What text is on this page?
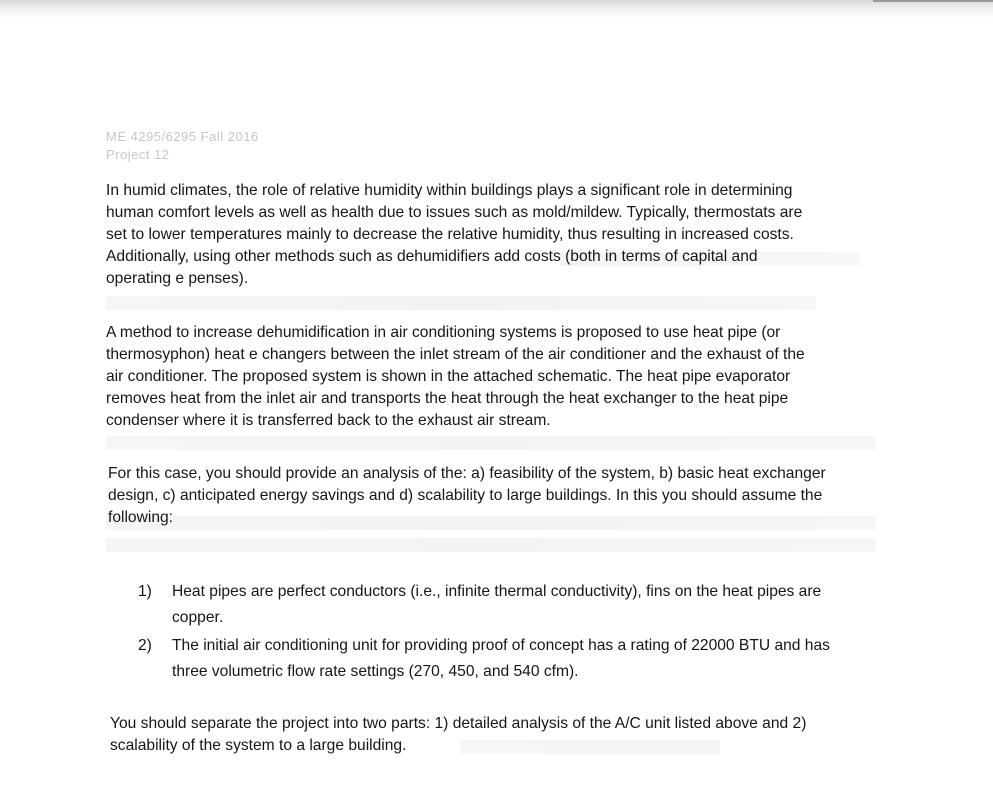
ME 4295/6295 Fall 2016
Project 12
In humid climates, the role of relative humidity within buildings plays a significant role in determining
human comfort levels as well as health due to issues such as mold/mildew. Typically, thermostats are
set to lower temperatures mainly to decrease the relative humidity, thus resulting in increased costs.
Additionally, using other methods such as dehumidifiers add costs (both in terms of capital and
operating e penses).
A method to increase dehumidification in air conditioning systems is proposed to use heat pipe (or
thermosyphon) heat e changers between the inlet stream of the air conditioner and the exhaust of the
air conditioner. The proposed system is shown in the attached schematic. The heat pipe evaporator
removes heat from the inlet air and transports the heat through the heat exchanger to the heat pipe
condenser where it is transferred back to the exhaust air stream.
For this case, you should provide an analysis of the: a) feasibility of the system, b) basic heat exchanger
design, c) anticipated energy savings and d) scalability to large buildings. In this you should assume the
following:
1) Heat pipes are perfect conductors (i.e., infinite thermal conductivity), fins on the heat pipes are
copper.
2) The initial air conditioning unit for providing proof of concept has a rating of 22000 BTU and has
three volumetric flow rate settings (270, 450, and 540 cfm).
You should separate the project into two parts: 1) detailed analysis of the A/C unit listed above and 2)
scalability of the system to a large building.
